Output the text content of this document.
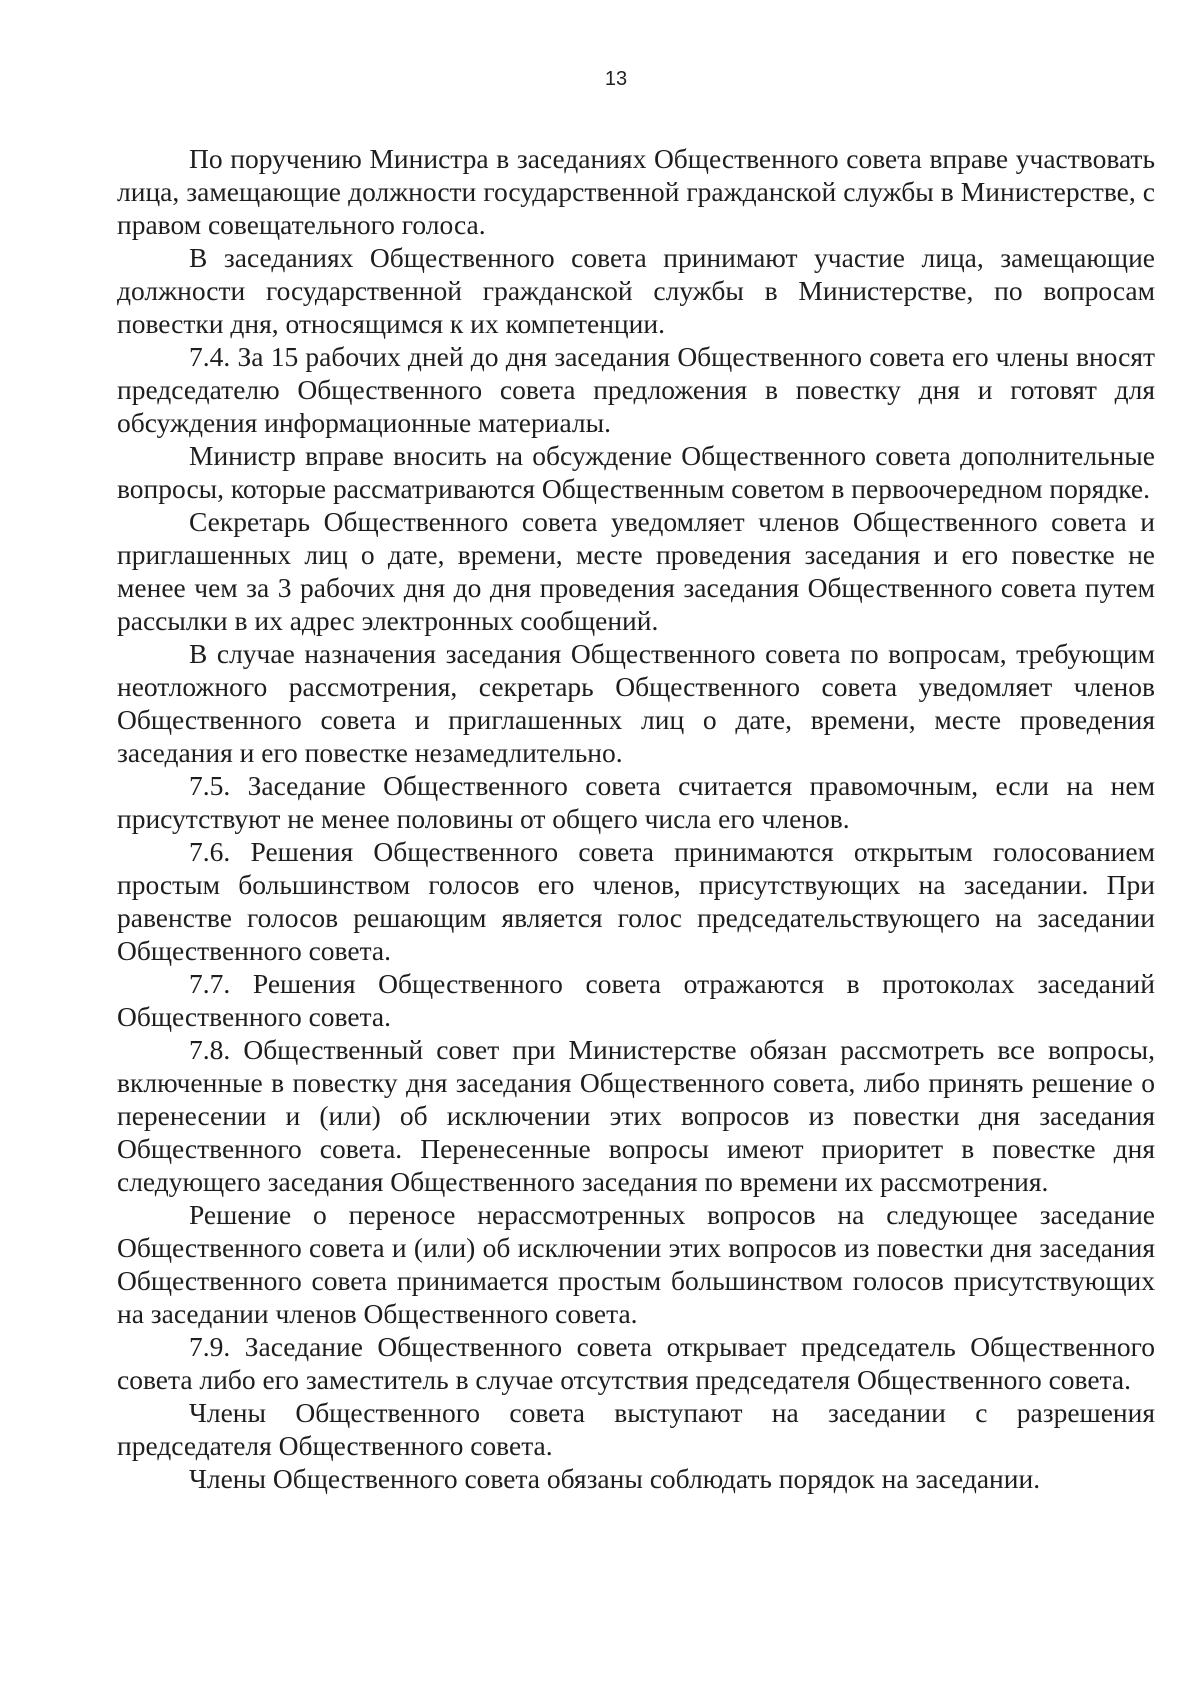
13

По поручению Министра в заседаниях Общественного совета вправе участвовать лица, замещающие должности государственной гражданской службы в Министерстве, с правом совещательного голоса.

В заседаниях Общественного совета принимают участие лица, замещающие должности государственной гражданской службы в Министерстве, по вопросам повестки дня, относящимся к их компетенции.

7.4. За 15 рабочих дней до дня заседания Общественного совета его члены вносят председателю Общественного совета предложения в повестку дня и готовят для обсуждения информационные материалы.

Министр вправе вносить на обсуждение Общественного совета дополнительные вопросы, которые рассматриваются Общественным советом в первоочередном порядке.

Секретарь Общественного совета уведомляет членов Общественного совета и приглашенных лиц о дате, времени, месте проведения заседания и его повестке не менее чем за 3 рабочих дня до дня проведения заседания Общественного совета путем рассылки в их адрес электронных сообщений.

В случае назначения заседания Общественного совета по вопросам, требующим неотложного рассмотрения, секретарь Общественного совета уведомляет членов Общественного совета и приглашенных лиц о дате, времени, месте проведения заседания и его повестке незамедлительно.

7.5. Заседание Общественного совета считается правомочным, если на нем присутствуют не менее половины от общего числа его членов.

7.6. Решения Общественного совета принимаются открытым голосованием простым большинством голосов его членов, присутствующих на заседании. При равенстве голосов решающим является голос председательствующего на заседании Общественного совета.

7.7. Решения Общественного совета отражаются в протоколах заседаний Общественного совета.

7.8. Общественный совет при Министерстве обязан рассмотреть все вопросы, включенные в повестку дня заседания Общественного совета, либо принять решение о перенесении и (или) об исключении этих вопросов из повестки дня заседания Общественного совета. Перенесенные вопросы имеют приоритет в повестке дня следующего заседания Общественного заседания по времени их рассмотрения.

Решение о переносе нерассмотренных вопросов на следующее заседание Общественного совета и (или) об исключении этих вопросов из повестки дня заседания Общественного совета принимается простым большинством голосов присутствующих на заседании членов Общественного совета.

7.9. Заседание Общественного совета открывает председатель Общественного совета либо его заместитель в случае отсутствия председателя Общественного совета.

Члены Общественного совета выступают на заседании с разрешения председателя Общественного совета.

Члены Общественного совета обязаны соблюдать порядок на заседании.
